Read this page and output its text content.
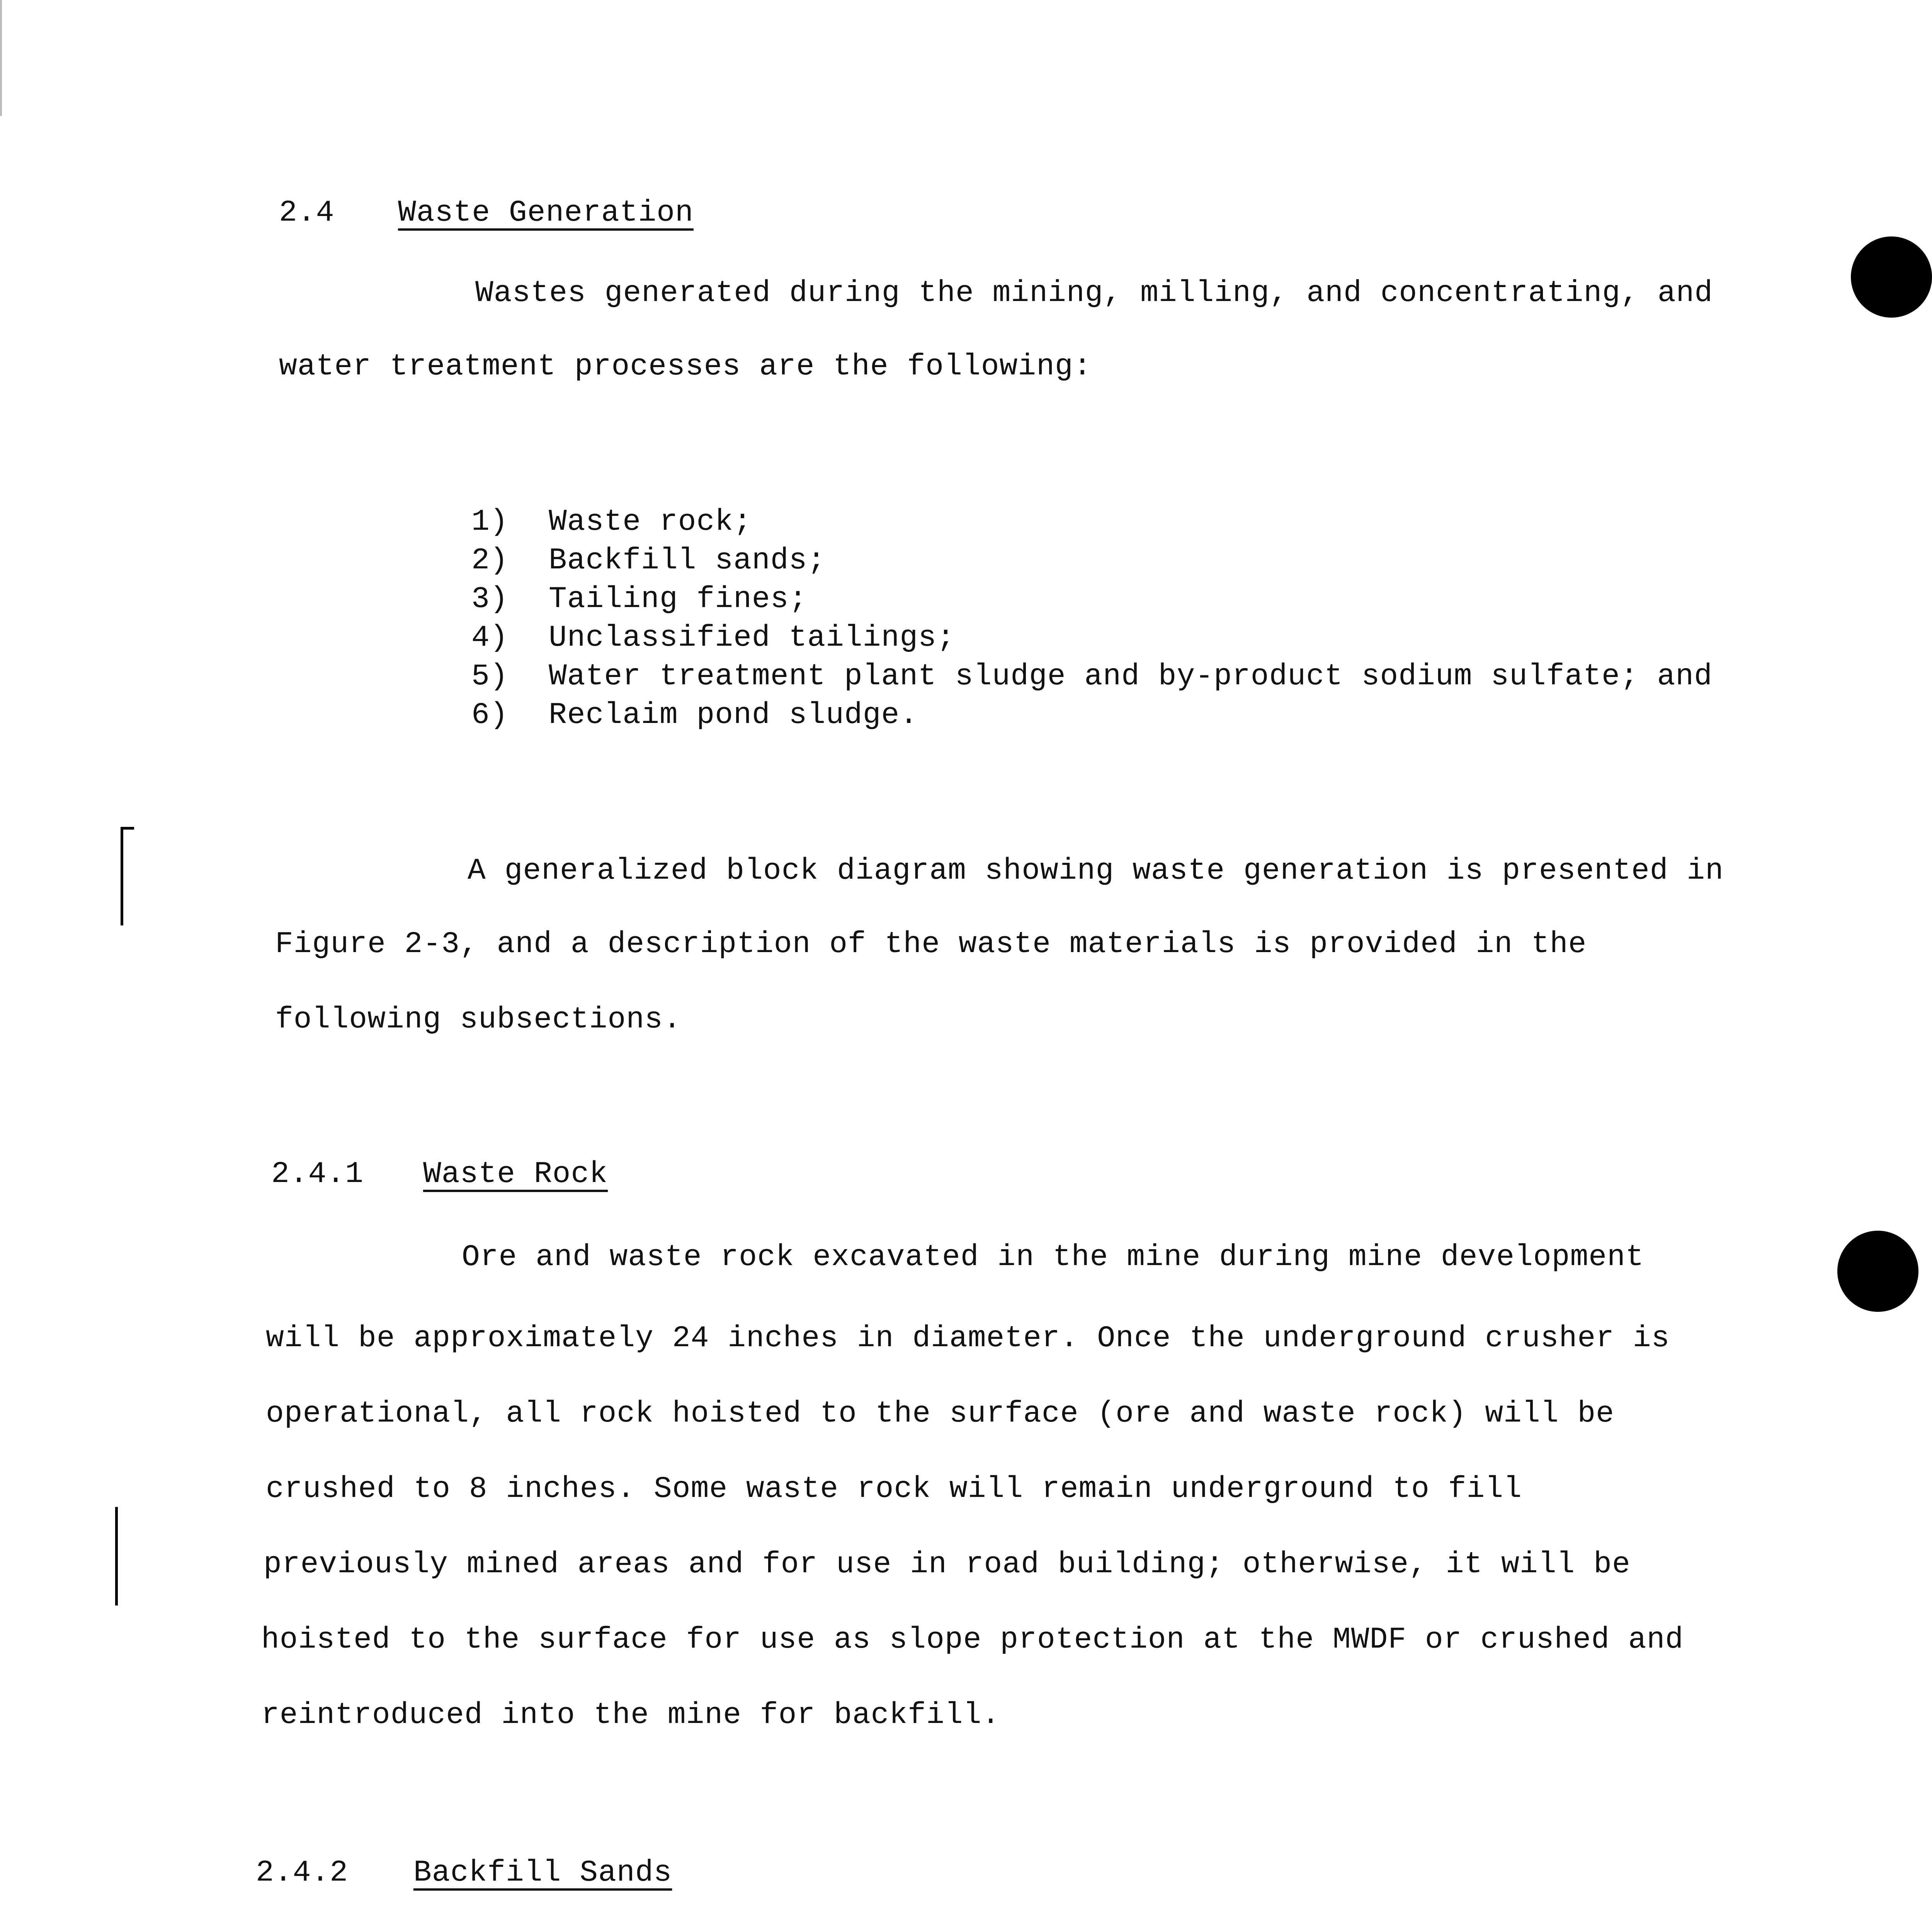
2.4 Waste Generation
Wastes generated during the mining, milling, and concentrating, and
water treatment processes are the following:
1) Waste rock;
2) Backfill sands;
3) Tailing fines;
4) Unclassified tailings;
5) Water treatment plant sludge and by-product sodium sulfate; and
6) Reclaim pond sludge.
A generalized block diagram showing waste generation is presented in
Figure 2-3, and a description of the waste materials is provided in the
following subsections.
2.4.1 Waste Rock
Ore and waste rock excavated in the mine during mine development
will be approximately 24 inches in diameter. Once the underground crusher is
operational, all rock hoisted to the surface (ore and waste rock) will be
crushed to 8 inches. Some waste rock will remain underground to fill
previously mined areas and for use in road building; otherwise, it will be
hoisted to the surface for use as slope protection at the MWDF or crushed and
reintroduced into the mine for backfill.
2.4.2 Backfill Sands
